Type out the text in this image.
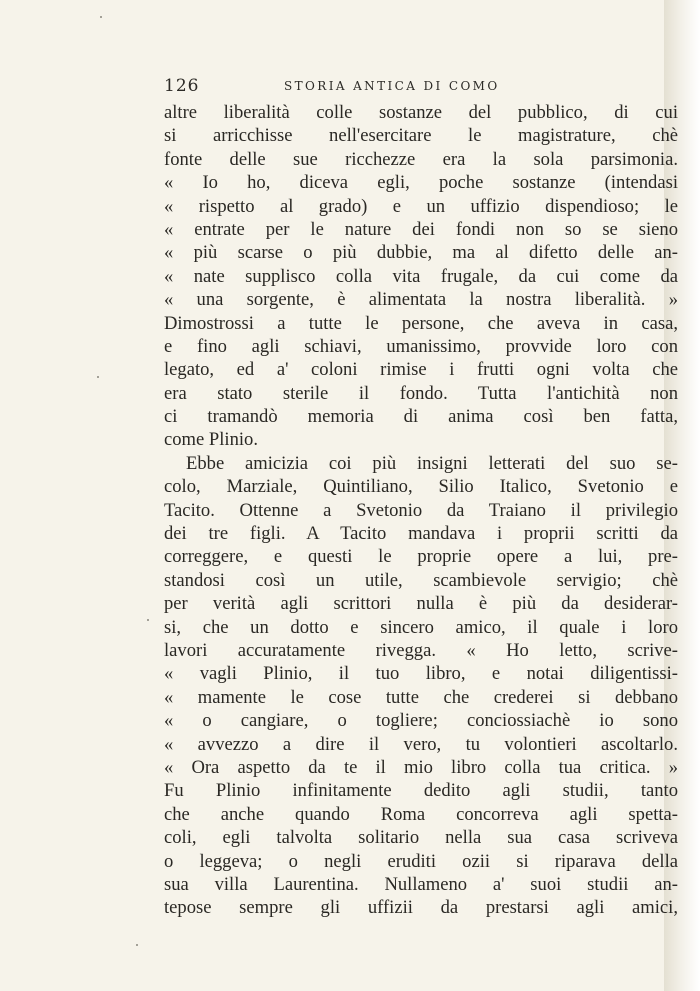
126	STORIA ANTICA DI COMO
altre liberalità colle sostanze del pubblico, di cui
si arricchisse nell'esercitare le magistrature, chè
fonte delle sue ricchezze era la sola parsimonia.
« Io ho, diceva egli, poche sostanze (intendasi
« rispetto al grado) e un uffizio dispendioso; le
« entrate per le nature dei fondi non so se sieno
« più scarse o più dubbie, ma al difetto delle an-
« nate supplisco colla vita frugale, da cui come da
« una sorgente, è alimentata la nostra liberalità. »
Dimostrossi a tutte le persone, che aveva in casa,
e fino agli schiavi, umanissimo, provvide loro con
legato, ed a' coloni rimise i frutti ogni volta che
era stato sterile il fondo. Tutta l'antichità non
ci tramandò memoria di anima così ben fatta,
come Plinio.
Ebbe amicizia coi più insigni letterati del suo se-
colo, Marziale, Quintiliano, Silio Italico, Svetonio e
Tacito. Ottenne a Svetonio da Traiano il privilegio
dei tre figli. A Tacito mandava i proprii scritti da
correggere, e questi le proprie opere a lui, pre-
standosi così un utile, scambievole servigio; chè
per verità agli scrittori nulla è più da desiderar-
si, che un dotto e sincero amico, il quale i loro
lavori accuratamente rivegga. « Ho letto, scrive-
« vagli Plinio, il tuo libro, e notai diligentissi-
« mamente le cose tutte che crederei si debbano
« o cangiare, o togliere; conciossiachè io sono
« avvezzo a dire il vero, tu volontieri ascoltarlo.
« Ora aspetto da te il mio libro colla tua critica. »
Fu Plinio infinitamente dedito agli studii, tanto
che anche quando Roma concorreva agli spetta-
coli, egli talvolta solitario nella sua casa scriveva
o leggeva; o negli eruditi ozii si riparava della
sua villa Laurentina. Nullameno a' suoi studii an-
tepose sempre gli uffizii da prestarsi agli amici,
